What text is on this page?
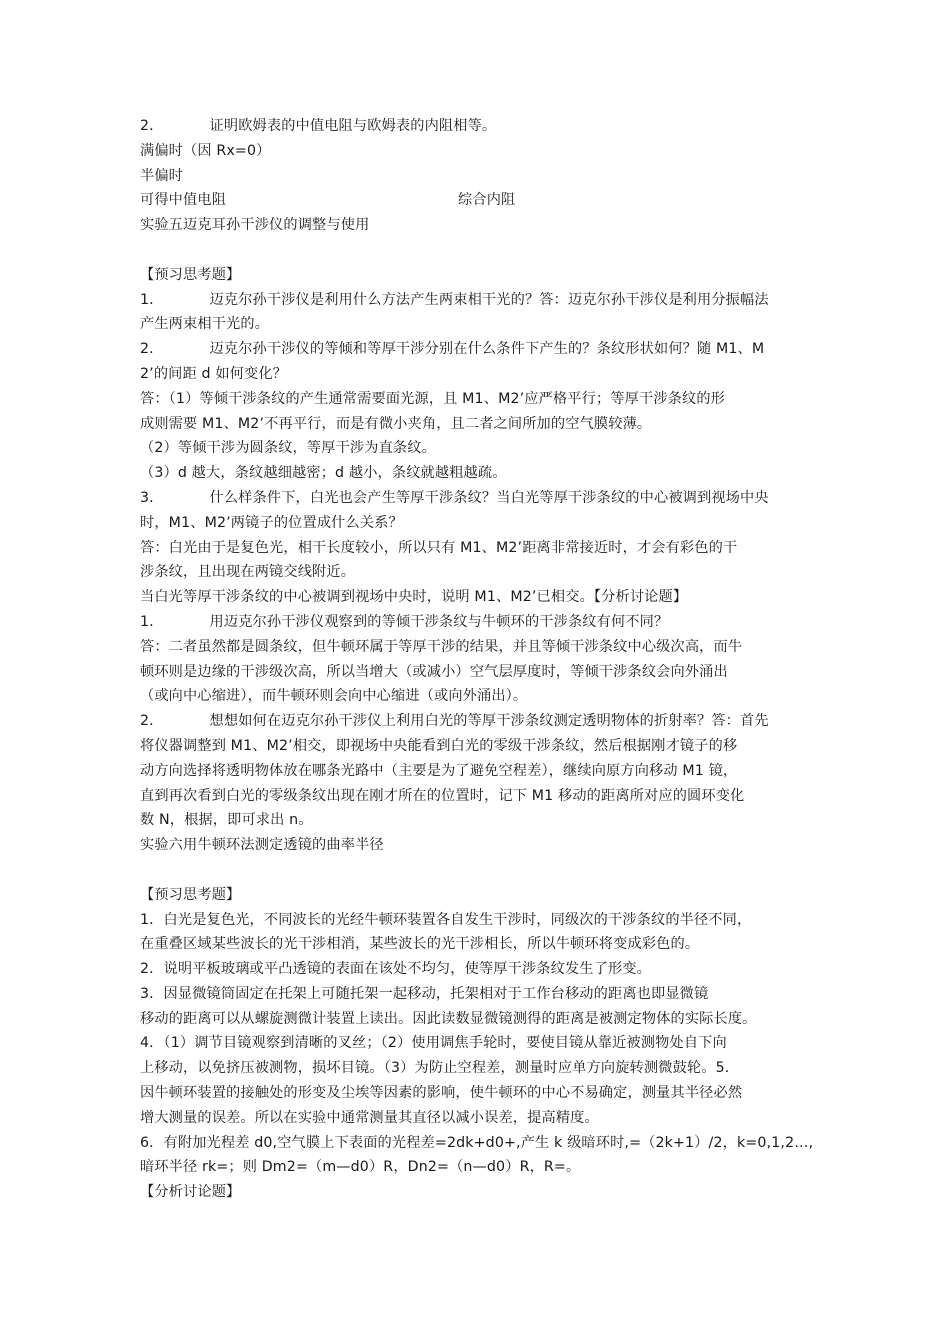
2．	证明欧姆表的中值电阻与欧姆表的内阻相等。
满偏时（因 Rx=0）
半偏时
可得中值电阻	综合内阻
实验五迈克耳孙干涉仪的调整与使用
【预习思考题】
1．	迈克尔孙干涉仪是利用什么方法产生两束相干光的？答：迈克尔孙干涉仪是利用分振幅法
产生两束相干光的。
2．	迈克尔孙干涉仪的等倾和等厚干涉分别在什么条件下产生的？条纹形状如何？随 M1、M
2’的间距 d 如何变化？
答：（1）等倾干涉条纹的产生通常需要面光源，且 M1、M2’应严格平行；等厚干涉条纹的形
成则需要 M1、M2’不再平行，而是有微小夹角，且二者之间所加的空气膜较薄。
（2）等倾干涉为圆条纹，等厚干涉为直条纹。
（3）d 越大，条纹越细越密；d 越小，条纹就越粗越疏。
3．	什么样条件下，白光也会产生等厚干涉条纹？当白光等厚干涉条纹的中心被调到视场中央
时，M1、M2’两镜子的位置成什么关系？
答：白光由于是复色光，相干长度较小，所以只有 M1、M2’距离非常接近时，才会有彩色的干
涉条纹，且出现在两镜交线附近。
当白光等厚干涉条纹的中心被调到视场中央时，说明 M1、M2’已相交。【分析讨论题】
1．	用迈克尔孙干涉仪观察到的等倾干涉条纹与牛顿环的干涉条纹有何不同？
答：二者虽然都是圆条纹，但牛顿环属于等厚干涉的结果，并且等倾干涉条纹中心级次高，而牛
顿环则是边缘的干涉级次高，所以当增大（或减小）空气层厚度时，等倾干涉条纹会向外涌出
（或向中心缩进），而牛顿环则会向中心缩进（或向外涌出）。
2．	想想如何在迈克尔孙干涉仪上利用白光的等厚干涉条纹测定透明物体的折射率？答：首先
将仪器调整到 M1、M2’相交，即视场中央能看到白光的零级干涉条纹，然后根据刚才镜子的移
动方向选择将透明物体放在哪条光路中（主要是为了避免空程差），继续向原方向移动 M1 镜，
直到再次看到白光的零级条纹出现在刚才所在的位置时，记下 M1 移动的距离所对应的圆环变化
数 N，根据，即可求出 n。
实验六用牛顿环法测定透镜的曲率半径
【预习思考题】
1．白光是复色光，不同波长的光经牛顿环装置各自发生干涉时，同级次的干涉条纹的半径不同，
在重叠区域某些波长的光干涉相消，某些波长的光干涉相长，所以牛顿环将变成彩色的。
2．说明平板玻璃或平凸透镜的表面在该处不均匀，使等厚干涉条纹发生了形变。
3．因显微镜筒固定在托架上可随托架一起移动，托架相对于工作台移动的距离也即显微镜
移动的距离可以从螺旋测微计装置上读出。因此读数显微镜测得的距离是被测定物体的实际长度。
4．（1）调节目镜观察到清晰的叉丝；（2）使用调焦手轮时，要使目镜从靠近被测物处自下向
上移动，以免挤压被测物，损坏目镜。（3）为防止空程差，测量时应单方向旋转测微鼓轮。5.
因牛顿环装置的接触处的形变及尘埃等因素的影响，使牛顿环的中心不易确定，测量其半径必然
增大测量的误差。所以在实验中通常测量其直径以减小误差，提高精度。
6．有附加光程差 d0,空气膜上下表面的光程差=2dk+d0+,产生 k 级暗环时,=（2k+1）/2，k=0,1,2…,
暗环半径 rk=；则 Dm2=（m—d0）R，Dn2=（n—d0）R，R=。
【分析讨论题】
